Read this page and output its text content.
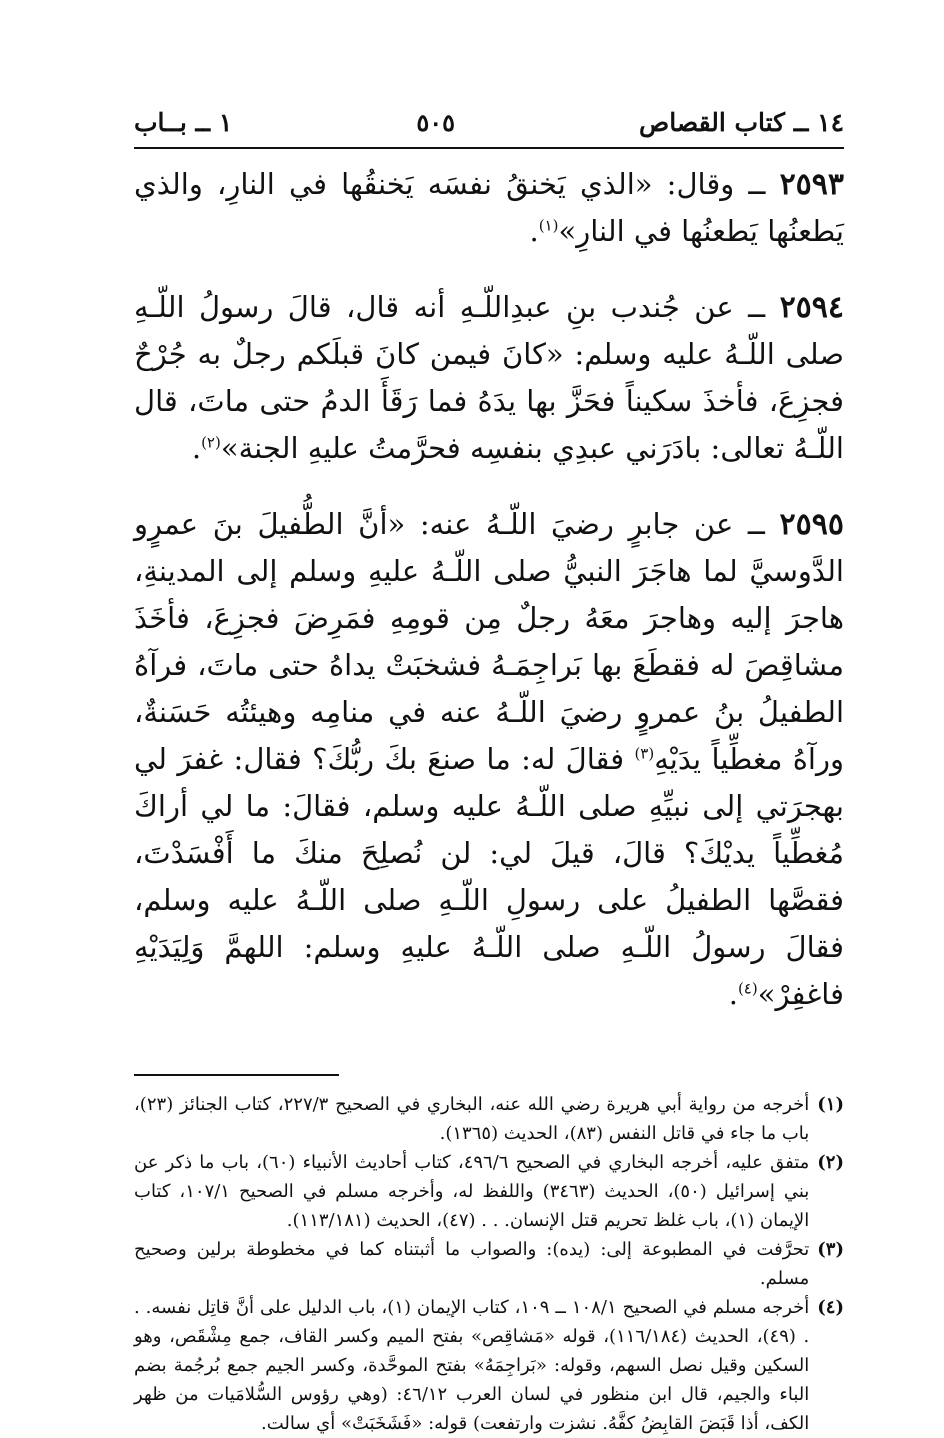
١٤ ــ كتاب القصاص
٥٠٥
١ ــ بــاب

٢٥٩٣ ــ وقال: «الذي يَخنقُ نفسَه يَخنقُها في النارِ، والذي يَطعنُها يَطعنُها في النارِ»$^{(١)}$.

٢٥٩٤ ــ عن جُندب بنِ عبدِاللّـهِ أنه قال، قالَ رسولُ اللّـهِ صلى اللّـهُ عليه وسلم: «كانَ فيمن كانَ قبلَكم رجلٌ به جُرْحٌ فجزِعَ، فأخذَ سكيناً فحَزَّ بها يدَهُ فما رَقَأَ الدمُ حتى ماتَ، قال اللّـهُ تعالى: بادَرَني عبدِي بنفسِه فحرَّمتُ عليهِ الجنة»$^{(٢)}$.

٢٥٩٥ ــ عن جابرٍ رضيَ اللّـهُ عنه: «أنَّ الطُّفيلَ بنَ عمرٍو الدَّوسيَّ لما هاجَرَ النبيُّ صلى اللّـهُ عليهِ وسلم إلى المدينةِ، هاجرَ إليه وهاجرَ معَهُ رجلٌ مِن قومِهِ فمَرِضَ فجزِعَ، فأخَذَ مشاقِصَ له فقطَعَ بها بَراجِمَـهُ فشخبَتْ يداهُ حتى ماتَ، فرآهُ الطفيلُ بنُ عمروٍ رضيَ اللّـهُ عنه في منامِه وهيئتُه حَسَنةٌ، ورآهُ مغطِّياً يدَيْهِ$^{(٣)}$ فقالَ له: ما صنعَ بكَ ربُّكَ؟ فقال: غفرَ لي بهجرَتي إلى نبيِّهِ صلى اللّـهُ عليه وسلم، فقالَ: ما لي أراكَ مُغطِّياً يديْكَ؟ قالَ، قيلَ لي: لن نُصلِحَ منكَ ما أَفْسَدْتَ، فقصَّها الطفيلُ على رسولِ اللّـهِ صلى اللّـهُ عليه وسلم، فقالَ رسولُ اللّـهِ صلى اللّـهُ عليهِ وسلم: اللهمَّ وَلِيَدَيْهِ فاغفِرْ»$^{(٤)}$.

(١)
أخرجه من رواية أبي هريرة رضي الله عنه، البخاري في الصحيح ٢٢٧/٣، كتاب الجنائز (٢٣)، باب ما جاء في قاتل النفس (٨٣)، الحديث (١٣٦٥).
(٢)
متفق عليه، أخرجه البخاري في الصحيح ٤٩٦/٦، كتاب أحاديث الأنبياء (٦٠)، باب ما ذكر عن بني إسرائيل (٥٠)، الحديث (٣٤٦٣) واللفظ له، وأخرجه مسلم في الصحيح ١٠٧/١، كتاب الإيمان (١)، باب غلظ تحريم قتل الإنسان. . . (٤٧)، الحديث (١١٣/١٨١).
(٣)
تحرَّفت في المطبوعة إلى: (يده): والصواب ما أثبتناه كما في مخطوطة برلين وصحيح مسلم.
(٤)
أخرجه مسلم في الصحيح ١٠٨/١ ــ ١٠٩، كتاب الإيمان (١)، باب الدليل على أنَّ قاتِل نفسه. . . (٤٩)، الحديث (١١٦/١٨٤)، قوله «مَشاقِص» بفتح الميم وكسر القاف، جمع مِشْقَص، وهو السكين وقيل نصل السهم، وقوله: «بَراجِمَهُ» بفتح الموحَّدة، وكسر الجيم جمع بُرجُمة بضم الباء والجيم، قال ابن منظور في لسان العرب ٤٦/١٢: (وهي رؤوس السُّلامَيات من ظهر الكف، أذا قَبَضَ القابِضُ كفَّهُ. نشزت وارتفعت) قوله: «فَشَخَبَتْ» أي سالت.
